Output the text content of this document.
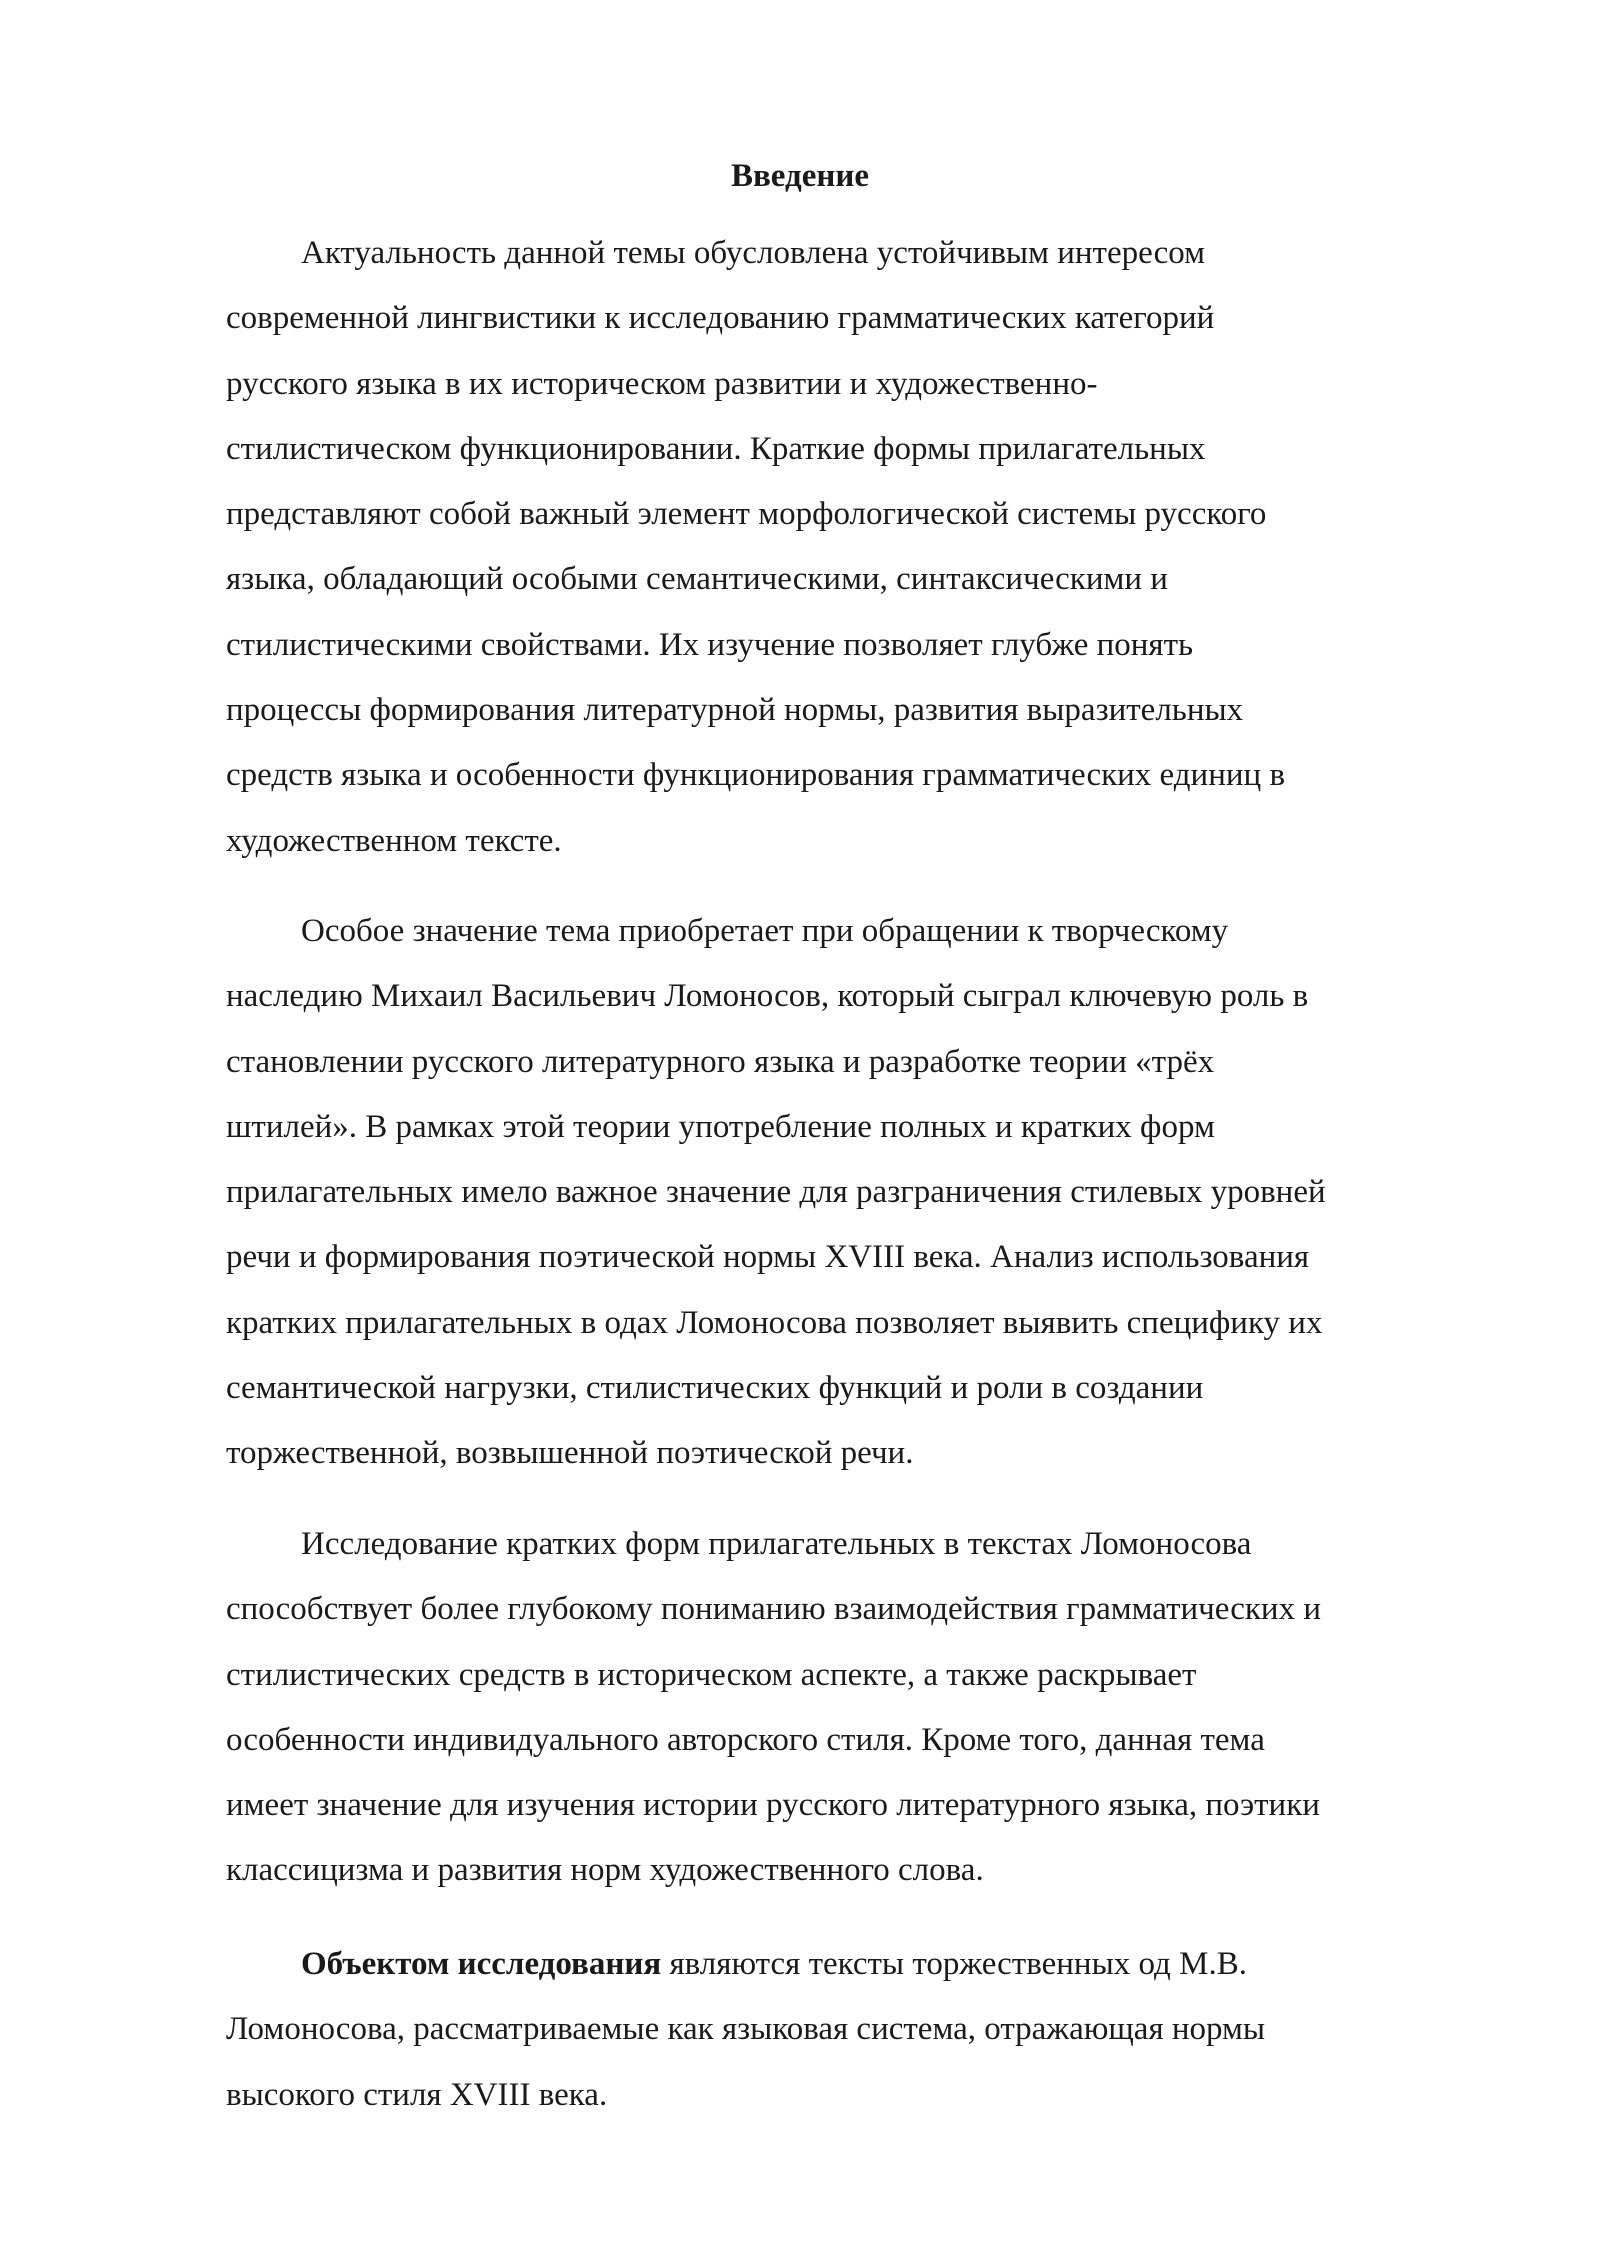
Введение

Актуальность данной темы обусловлена устойчивым интересом
современной лингвистики к исследованию грамматических категорий
русского языка в их историческом развитии и художественно-
стилистическом функционировании. Краткие формы прилагательных
представляют собой важный элемент морфологической системы русского
языка, обладающий особыми семантическими, синтаксическими и
стилистическими свойствами. Их изучение позволяет глубже понять
процессы формирования литературной нормы, развития выразительных
средств языка и особенности функционирования грамматических единиц в
художественном тексте.

Особое значение тема приобретает при обращении к творческому
наследию Михаил Васильевич Ломоносов, который сыграл ключевую роль в
становлении русского литературного языка и разработке теории «трёх
штилей». В рамках этой теории употребление полных и кратких форм
прилагательных имело важное значение для разграничения стилевых уровней
речи и формирования поэтической нормы XVIII века. Анализ использования
кратких прилагательных в одах Ломоносова позволяет выявить специфику их
семантической нагрузки, стилистических функций и роли в создании
торжественной, возвышенной поэтической речи.

Исследование кратких форм прилагательных в текстах Ломоносова
способствует более глубокому пониманию взаимодействия грамматических и
стилистических средств в историческом аспекте, а также раскрывает
особенности индивидуального авторского стиля. Кроме того, данная тема
имеет значение для изучения истории русского литературного языка, поэтики
классицизма и развития норм художественного слова.

Объектом исследования являются тексты торжественных од М.В.
Ломоносова, рассматриваемые как языковая система, отражающая нормы
высокого стиля XVIII века.
